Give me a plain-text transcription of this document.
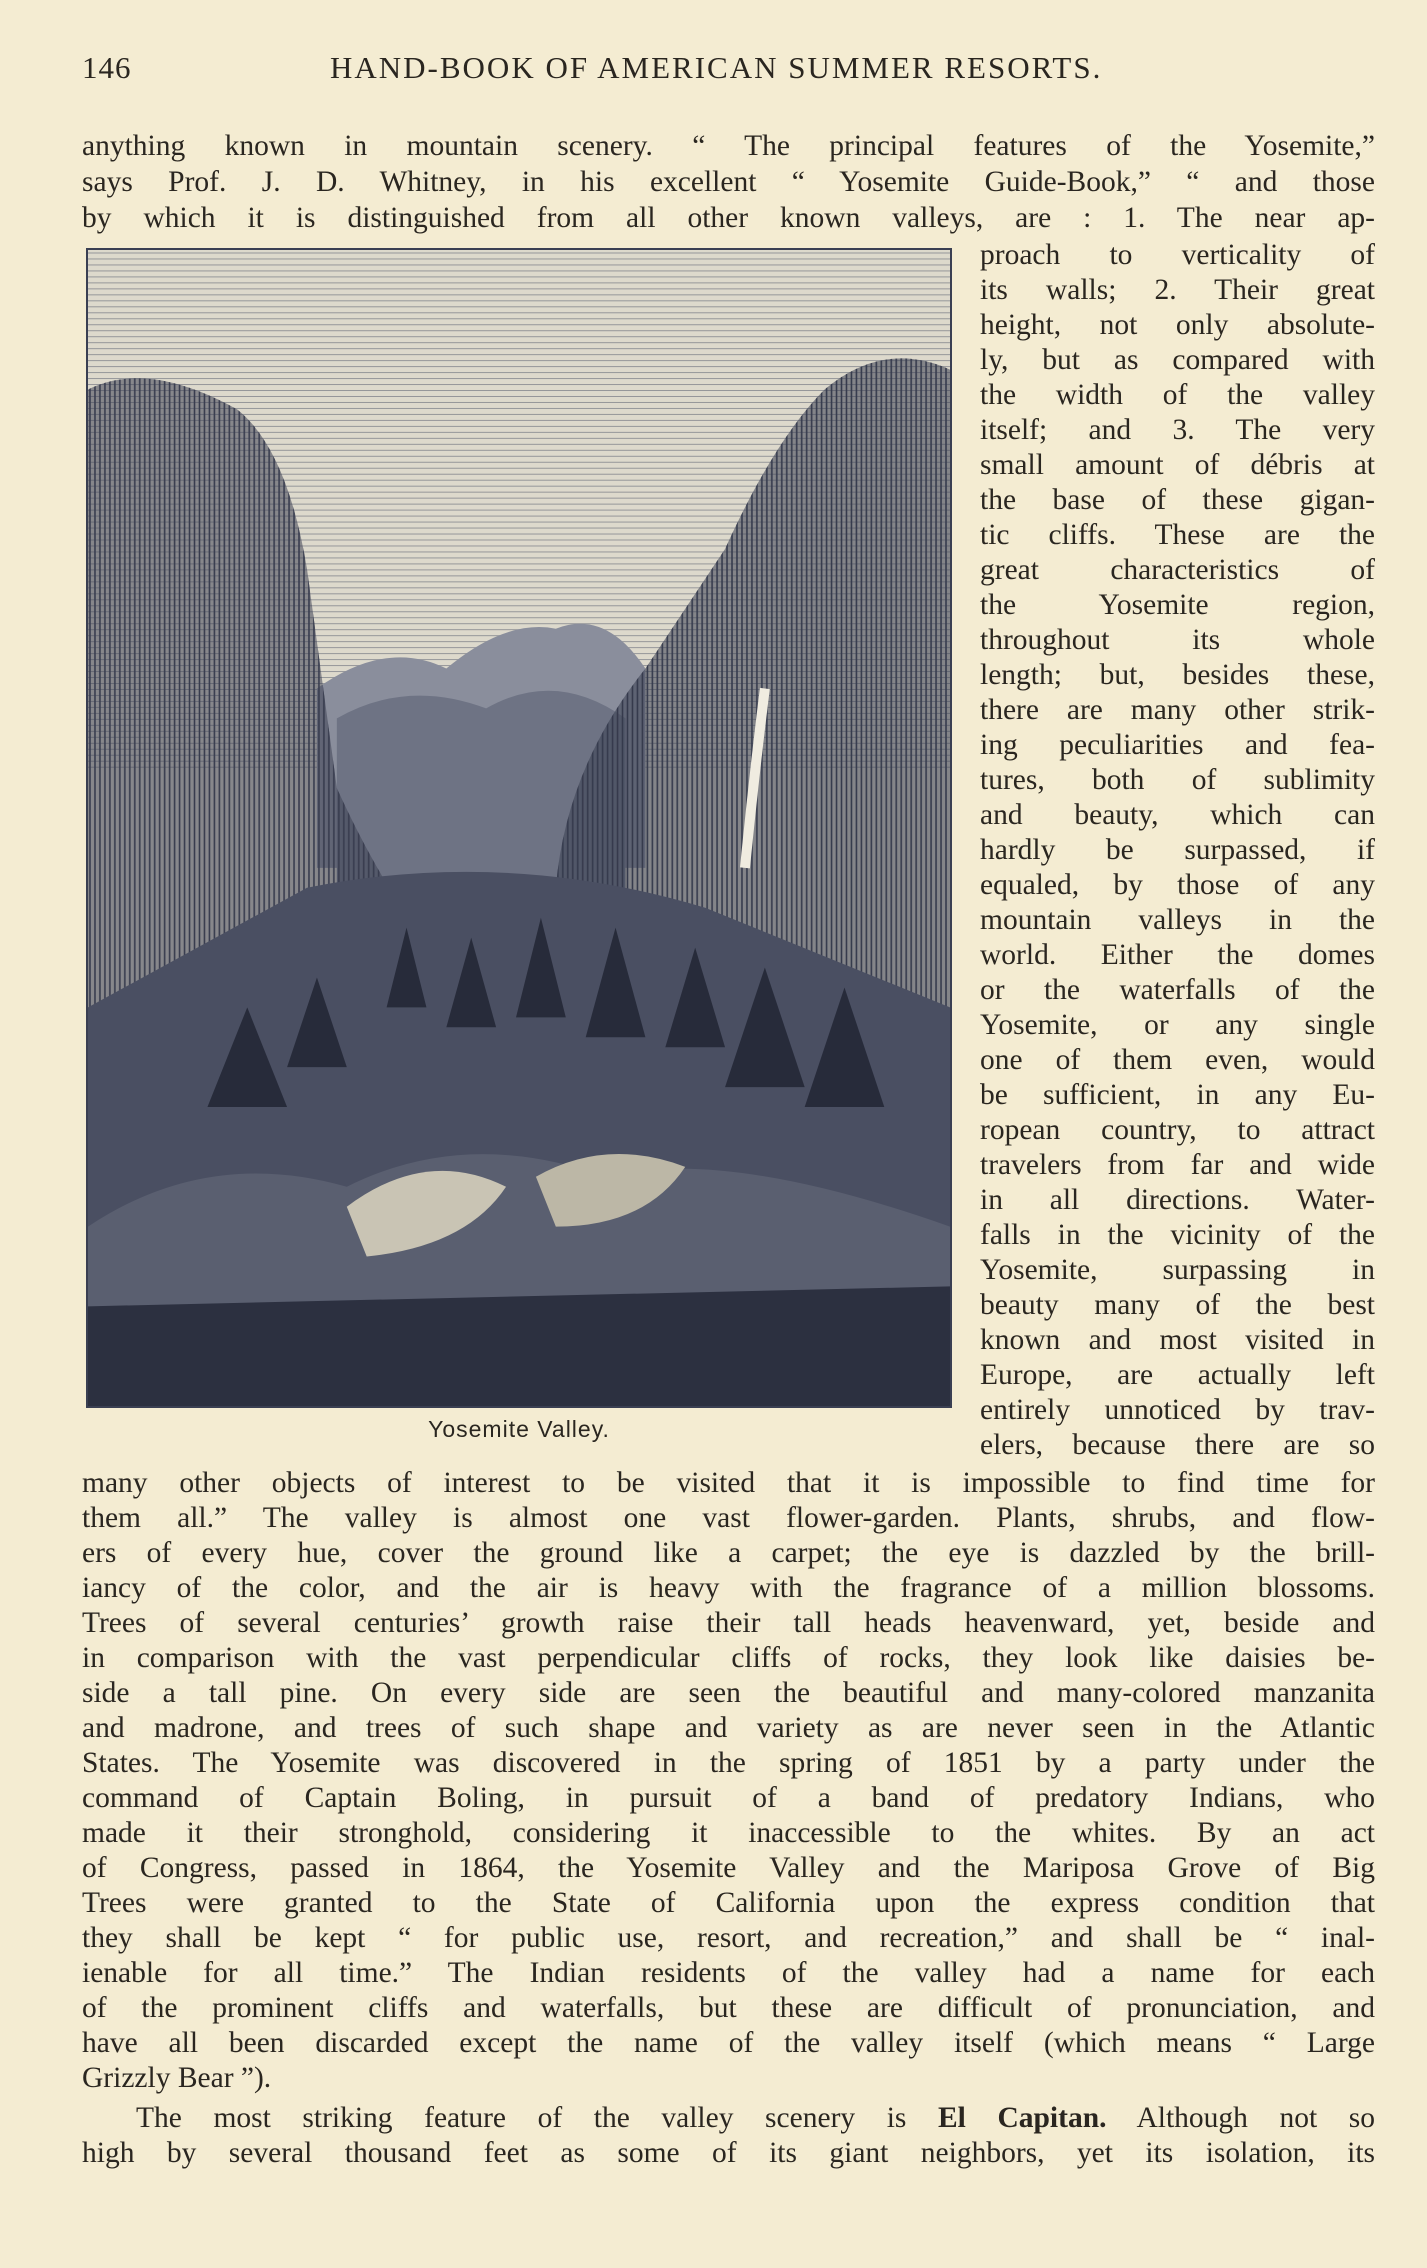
146	HAND-BOOK OF AMERICAN SUMMER RESORTS.
anything known in mountain scenery. “ The principal features of the Yosemite,”
says Prof. J. D. Whitney, in his excellent “ Yosemite Guide-Book,” “ and those
by which it is distinguished from all other known valleys, are : 1. The near ap-
Yosemite Valley.
proach to verticality of
its walls; 2. Their great
height, not only absolute-
ly, but as compared with
the width of the valley
itself; and 3. The very
small amount of débris at
the base of these gigan-
tic cliffs. These are the
great characteristics of
the Yosemite region,
throughout its whole
length; but, besides these,
there are many other strik-
ing peculiarities and fea-
tures, both of sublimity
and beauty, which can
hardly be surpassed, if
equaled, by those of any
mountain valleys in the
world. Either the domes
or the waterfalls of the
Yosemite, or any single
one of them even, would
be sufficient, in any Eu-
ropean country, to attract
travelers from far and wide
in all directions. Water-
falls in the vicinity of the
Yosemite, surpassing in
beauty many of the best
known and most visited in
Europe, are actually left
entirely unnoticed by trav-
elers, because there are so
many other objects of interest to be visited that it is impossible to find time for
them all.” The valley is almost one vast flower-garden. Plants, shrubs, and flow-
ers of every hue, cover the ground like a carpet; the eye is dazzled by the brill-
iancy of the color, and the air is heavy with the fragrance of a million blossoms.
Trees of several centuries’ growth raise their tall heads heavenward, yet, beside and
in comparison with the vast perpendicular cliffs of rocks, they look like daisies be-
side a tall pine. On every side are seen the beautiful and many-colored manzanita
and madrone, and trees of such shape and variety as are never seen in the Atlantic
States. The Yosemite was discovered in the spring of 1851 by a party under the
command of Captain Boling, in pursuit of a band of predatory Indians, who
made it their stronghold, considering it inaccessible to the whites. By an act
of Congress, passed in 1864, the Yosemite Valley and the Mariposa Grove of Big
Trees were granted to the State of California upon the express condition that
they shall be kept “ for public use, resort, and recreation,” and shall be “ inal-
ienable for all time.” The Indian residents of the valley had a name for each
of the prominent cliffs and waterfalls, but these are difficult of pronunciation, and
have all been discarded except the name of the valley itself (which means “ Large
Grizzly Bear ”).
The most striking feature of the valley scenery is El Capitan. Although not so
high by several thousand feet as some of its giant neighbors, yet its isolation, its
